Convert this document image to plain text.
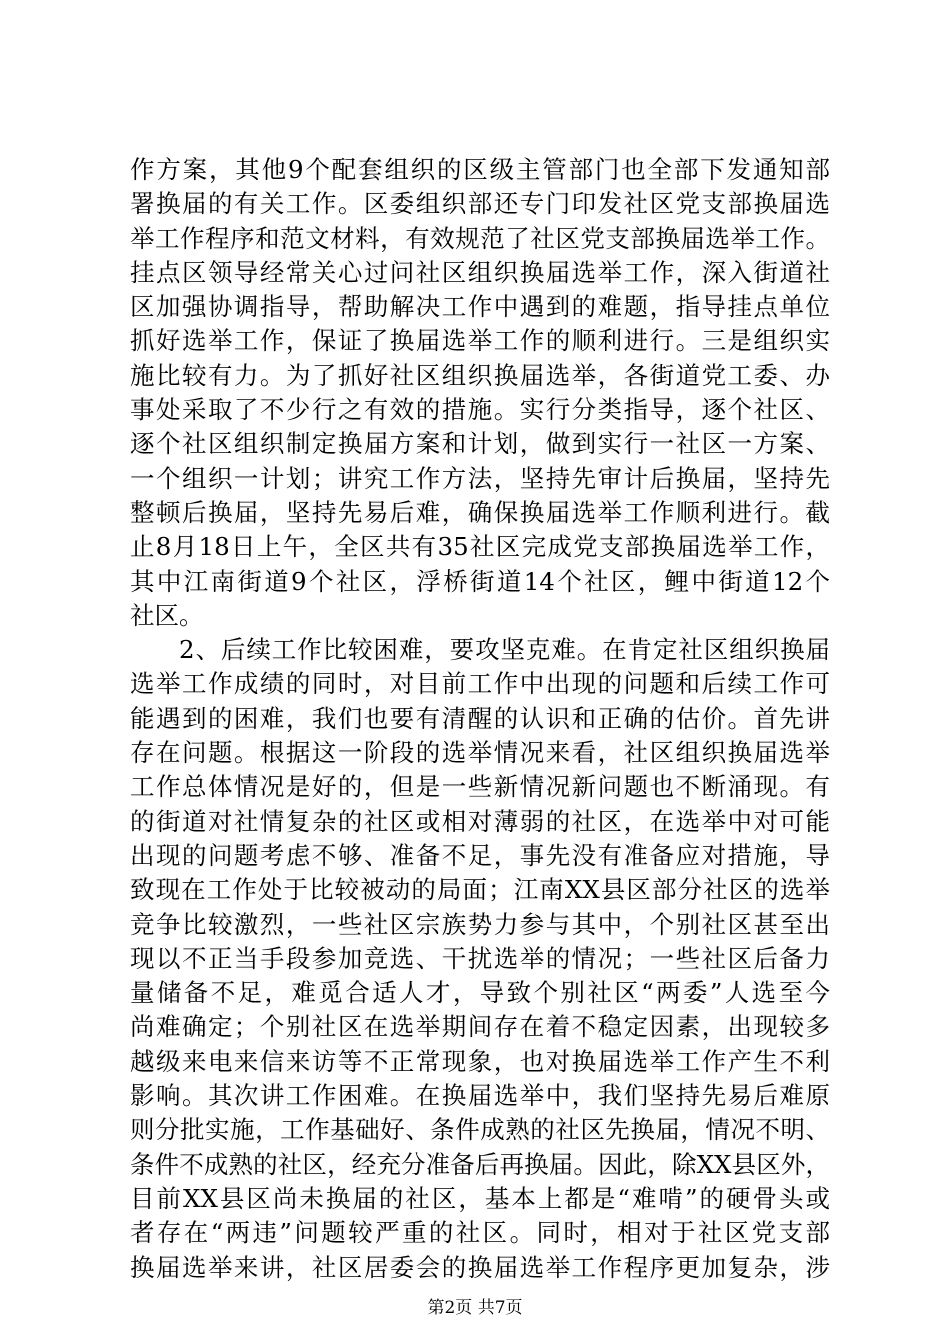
作方案，其他9个配套组织的区级主管部门也全部下发通知部
署换届的有关工作。区委组织部还专门印发社区党支部换届选
举工作程序和范文材料，有效规范了社区党支部换届选举工作。
挂点区领导经常关心过问社区组织换届选举工作，深入街道社
区加强协调指导，帮助解决工作中遇到的难题，指导挂点单位
抓好选举工作，保证了换届选举工作的顺利进行。三是组织实
施比较有力。为了抓好社区组织换届选举，各街道党工委、办
事处采取了不少行之有效的措施。实行分类指导，逐个社区、
逐个社区组织制定换届方案和计划，做到实行一社区一方案、
一个组织一计划；讲究工作方法，坚持先审计后换届，坚持先
整顿后换届，坚持先易后难，确保换届选举工作顺利进行。截
止8月18日上午，全区共有35社区完成党支部换届选举工作，
其中江南街道9个社区，浮桥街道14个社区，鲤中街道12个
社区。
2、后续工作比较困难，要攻坚克难。在肯定社区组织换届
选举工作成绩的同时，对目前工作中出现的问题和后续工作可
能遇到的困难，我们也要有清醒的认识和正确的估价。首先讲
存在问题。根据这一阶段的选举情况来看，社区组织换届选举
工作总体情况是好的，但是一些新情况新问题也不断涌现。有
的街道对社情复杂的社区或相对薄弱的社区，在选举中对可能
出现的问题考虑不够、准备不足，事先没有准备应对措施，导
致现在工作处于比较被动的局面；江南XX县区部分社区的选举
竞争比较激烈，一些社区宗族势力参与其中，个别社区甚至出
现以不正当手段参加竞选、干扰选举的情况；一些社区后备力
量储备不足，难觅合适人才，导致个别社区“两委”人选至今
尚难确定；个别社区在选举期间存在着不稳定因素，出现较多
越级来电来信来访等不正常现象，也对换届选举工作产生不利
影响。其次讲工作困难。在换届选举中，我们坚持先易后难原
则分批实施，工作基础好、条件成熟的社区先换届，情况不明、
条件不成熟的社区，经充分准备后再换届。因此，除XX县区外，
目前XX县区尚未换届的社区，基本上都是“难啃”的硬骨头或
者存在“两违”问题较严重的社区。同时，相对于社区党支部
换届选举来讲，社区居委会的换届选举工作程序更加复杂，涉
第2页 共7页
